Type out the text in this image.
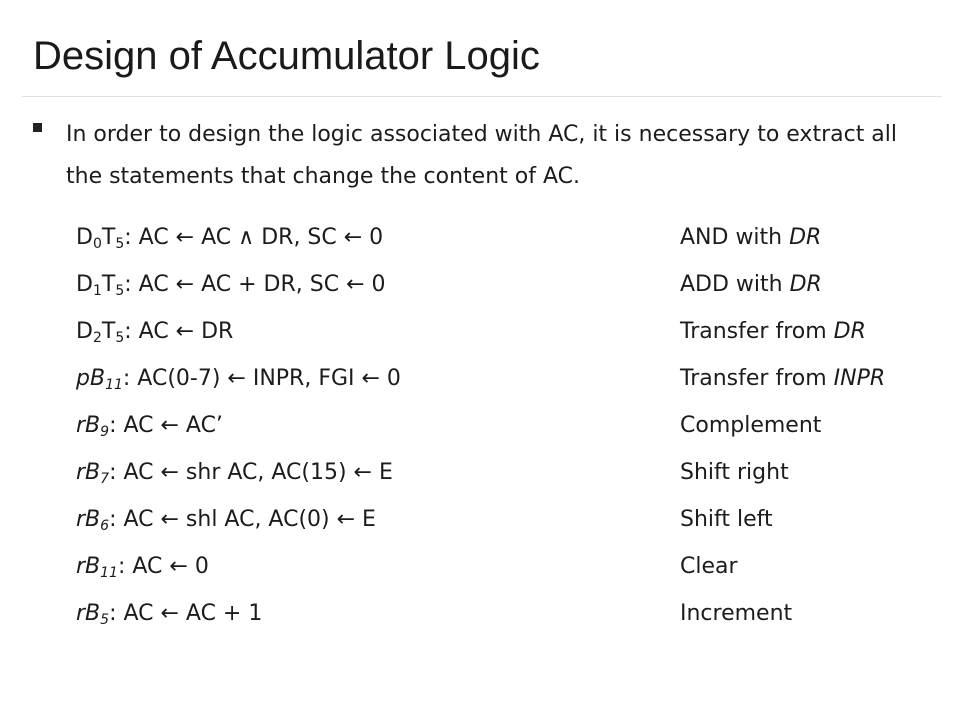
Design of Accumulator Logic
In order to design the logic associated with AC, it is necessary to extract all the statements that change the content of AC.
$D_0T_5$: AC ← AC ∧ DR, SC ← 0	AND with DR
$D_1T_5$: AC ← AC + DR, SC ← 0	ADD with DR
$D_2T_5$: AC ← DR	Transfer from DR
$pB_{11}$: AC(0-7) ← INPR, FGI ← 0	Transfer from INPR
$rB_9$: AC ← AC’	Complement
$rB_7$: AC ← shr AC, AC(15) ← E	Shift right
$rB_6$: AC ← shl AC, AC(0) ← E	Shift left
$rB_{11}$: AC ← 0	Clear
$rB_5$: AC ← AC + 1	Increment
